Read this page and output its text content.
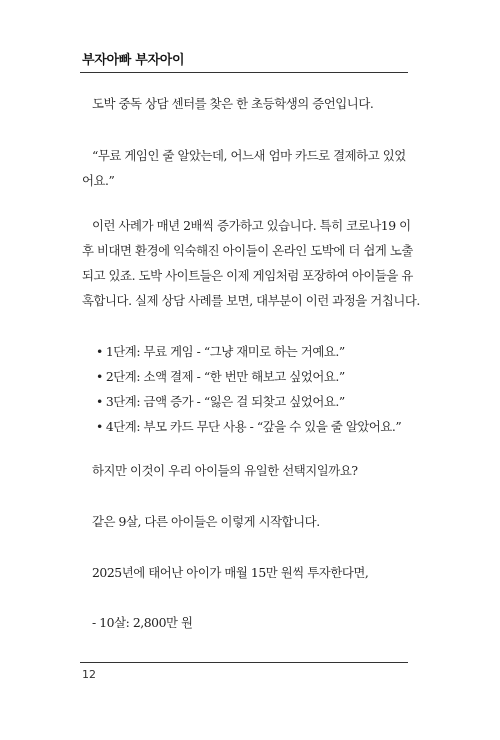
부자아빠 부자아이
도박 중독 상담 센터를 찾은 한 초등학생의 증언입니다.
“무료 게임인 줄 알았는데, 어느새 엄마 카드로 결제하고 있었
어요.”
이런 사례가 매년 2배씩 증가하고 있습니다. 특히 코로나19 이
후 비대면 환경에 익숙해진 아이들이 온라인 도박에 더 쉽게 노출
되고 있죠. 도박 사이트들은 이제 게임처럼 포장하여 아이들을 유
혹합니다. 실제 상담 사례를 보면, 대부분이 이런 과정을 거칩니다.
• 1단계: 무료 게임 - “그냥 재미로 하는 거예요.”
• 2단계: 소액 결제 - “한 번만 해보고 싶었어요.”
• 3단계: 금액 증가 - “잃은 걸 되찾고 싶었어요.”
• 4단계: 부모 카드 무단 사용 - “갚을 수 있을 줄 알았어요.”
하지만 이것이 우리 아이들의 유일한 선택지일까요?
같은 9살, 다른 아이들은 이렇게 시작합니다.
2025년에 태어난 아이가 매월 15만 원씩 투자한다면,
- 10살: 2,800만 원
12
